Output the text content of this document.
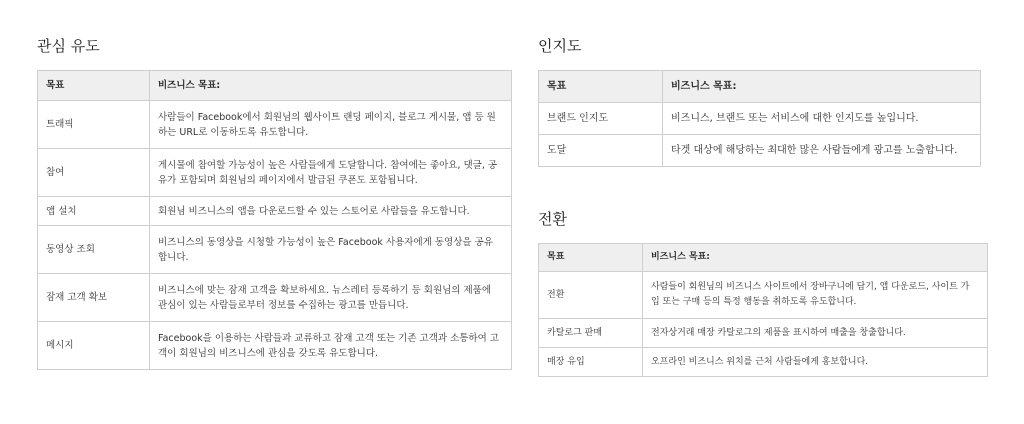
관심 유도
목표	비즈니스 목표:
트래픽	사람들이 Facebook에서 회원님의 웹사이트 랜딩 페이지, 블로그 게시물, 앱 등 원하는 URL로 이동하도록 유도합니다.
참여	게시물에 참여할 가능성이 높은 사람들에게 도달합니다. 참여에는 좋아요, 댓글, 공유가 포함되며 회원님의 페이지에서 발급된 쿠폰도 포함됩니다.
앱 설치	회원님 비즈니스의 앱을 다운로드할 수 있는 스토어로 사람들을 유도합니다.
동영상 조회	비즈니스의 동영상을 시청할 가능성이 높은 Facebook 사용자에게 동영상을 공유합니다.
잠재 고객 확보	비즈니스에 맞는 잠재 고객을 확보하세요. 뉴스레터 등록하기 등 회원님의 제품에 관심이 있는 사람들로부터 정보를 수집하는 광고를 만듭니다.
메시지	Facebook을 이용하는 사람들과 교류하고 잠재 고객 또는 기존 고객과 소통하여 고객이 회원님의 비즈니스에 관심을 갖도록 유도합니다.
인지도
목표	비즈니스 목표:
브랜드 인지도	비즈니스, 브랜드 또는 서비스에 대한 인지도를 높입니다.
도달	타겟 대상에 해당하는 최대한 많은 사람들에게 광고를 노출합니다.
전환
목표	비즈니스 목표:
전환	사람들이 회원님의 비즈니스 사이트에서 장바구니에 담기, 앱 다운로드, 사이트 가입 또는 구매 등의 특정 행동을 취하도록 유도합니다.
카탈로그 판매	전자상거래 매장 카탈로그의 제품을 표시하여 매출을 창출합니다.
매장 유입	오프라인 비즈니스 위치를 근처 사람들에게 홍보합니다.
